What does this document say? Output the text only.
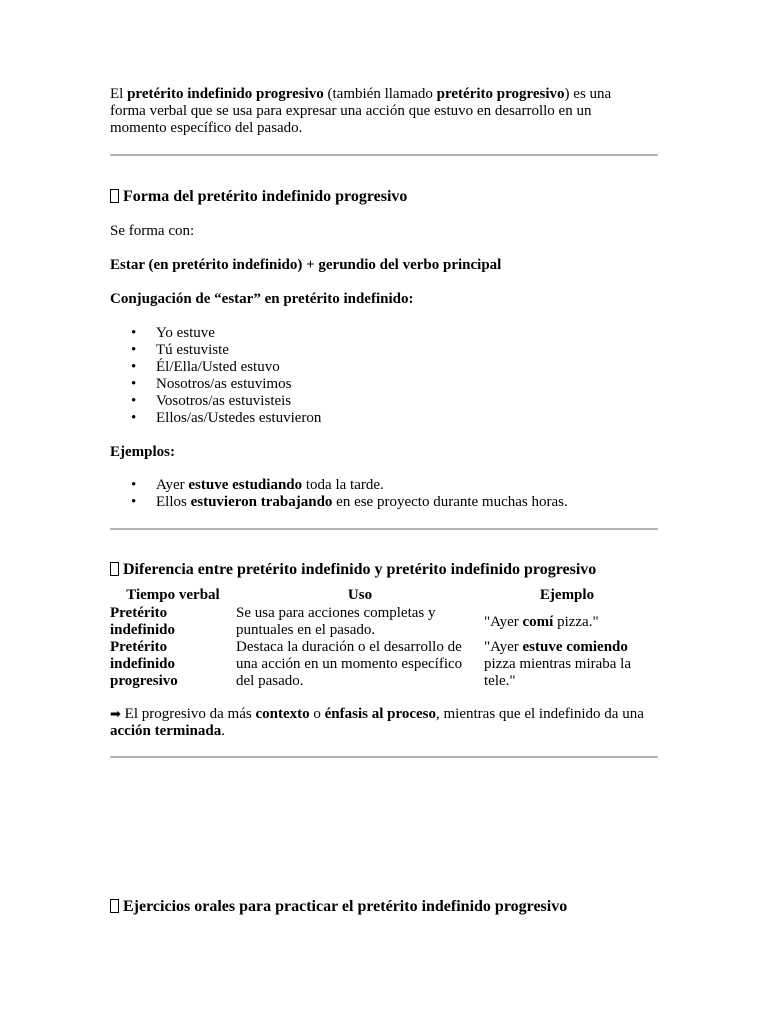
El pretérito indefinido progresivo (también llamado pretérito progresivo) es una forma verbal que se usa para expresar una acción que estuvo en desarrollo en un momento específico del pasado.

Forma del pretérito indefinido progresivo

Se forma con:

Estar (en pretérito indefinido) + gerundio del verbo principal

Conjugación de “estar” en pretérito indefinido:

• Yo estuve
• Tú estuviste
• Él/Ella/Usted estuvo
• Nosotros/as estuvimos
• Vosotros/as estuvisteis
• Ellos/as/Ustedes estuvieron

Ejemplos:

• Ayer estuve estudiando toda la tarde.
• Ellos estuvieron trabajando en ese proyecto durante muchas horas.
Diferencia entre pretérito indefinido y pretérito indefinido progresivo
Tiempo verbal	Uso	Ejemplo
Pretérito indefinido	Se usa para acciones completas y puntuales en el pasado.	"Ayer comí pizza."
Pretérito indefinido progresivo	Destaca la duración o el desarrollo de una acción en un momento específico del pasado.	"Ayer estuve comiendo pizza mientras miraba la tele."

➡ El progresivo da más contexto o énfasis al proceso, mientras que el indefinido da una acción terminada.

Ejercicios orales para practicar el pretérito indefinido progresivo
